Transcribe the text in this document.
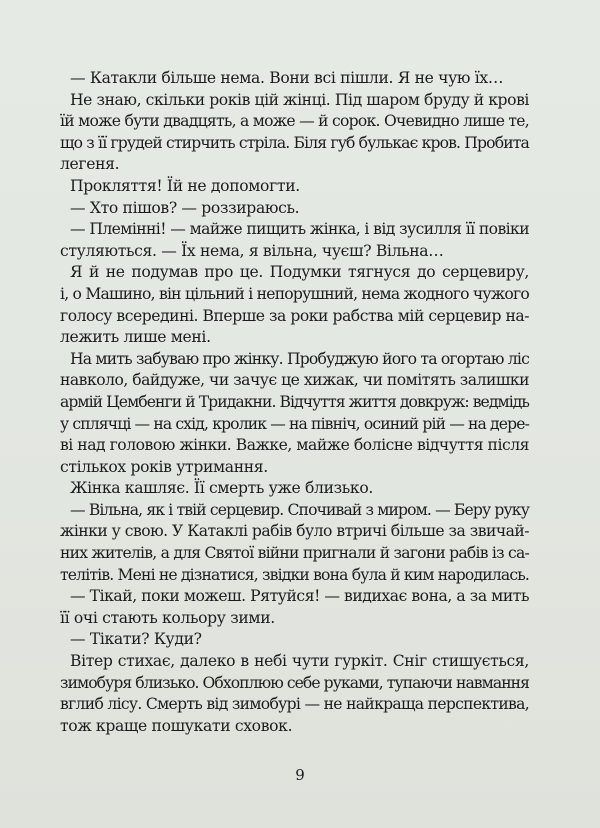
— Катакли більше нема. Вони всі пішли. Я не чую їх…
Не знаю, скільки років цій жінці. Під шаром бруду й крові
їй може бути двадцять, а може — й сорок. Очевидно лише те,
що з її грудей стирчить стріла. Біля губ булькає кров. Пробита
легеня.
Прокляття! Їй не допомогти.
— Хто пішов? — роззираюсь.
— Племінні! — майже пищить жінка, і від зусилля її повіки
стуляються. — Їх нема, я вільна, чуєш? Вільна…
Я й не подумав про це. Подумки тягнуся до серцевиру,
і, о Машино, він цільний і непорушний, нема жодного чужого
голосу всередині. Вперше за роки рабства мій серцевир на-
лежить лише мені.
На мить забуваю про жінку. Пробуджую його та огортаю ліс
навколо, байдуже, чи зачує це хижак, чи помітять залишки
армій Цембенги й Тридакни. Відчуття життя довкруж: ведмідь
у сплячці — на схід, кролик — на північ, осиний рій — на дере-
ві над головою жінки. Важке, майже болісне відчуття після
стількох років утримання.
Жінка кашляє. Її смерть уже близько.
— Вільна, як і твій серцевир. Спочивай з миром. — Беру руку
жінки у свою. У Катаклі рабів було втричі більше за звичай-
них жителів, а для Святої війни пригнали й загони рабів із са-
телітів. Мені не дізнатися, звідки вона була й ким народилась.
— Тікай, поки можеш. Рятуйся! — видихає вона, а за мить
її очі стають кольору зими.
— Тікати? Куди?
Вітер стихає, далеко в небі чути гуркіт. Сніг стишується,
зимобуря близько. Обхоплюю себе руками, тупаючи навмання
вглиб лісу. Смерть від зимобурі — не найкраща перспектива,
тож краще пошукати сховок.
9
